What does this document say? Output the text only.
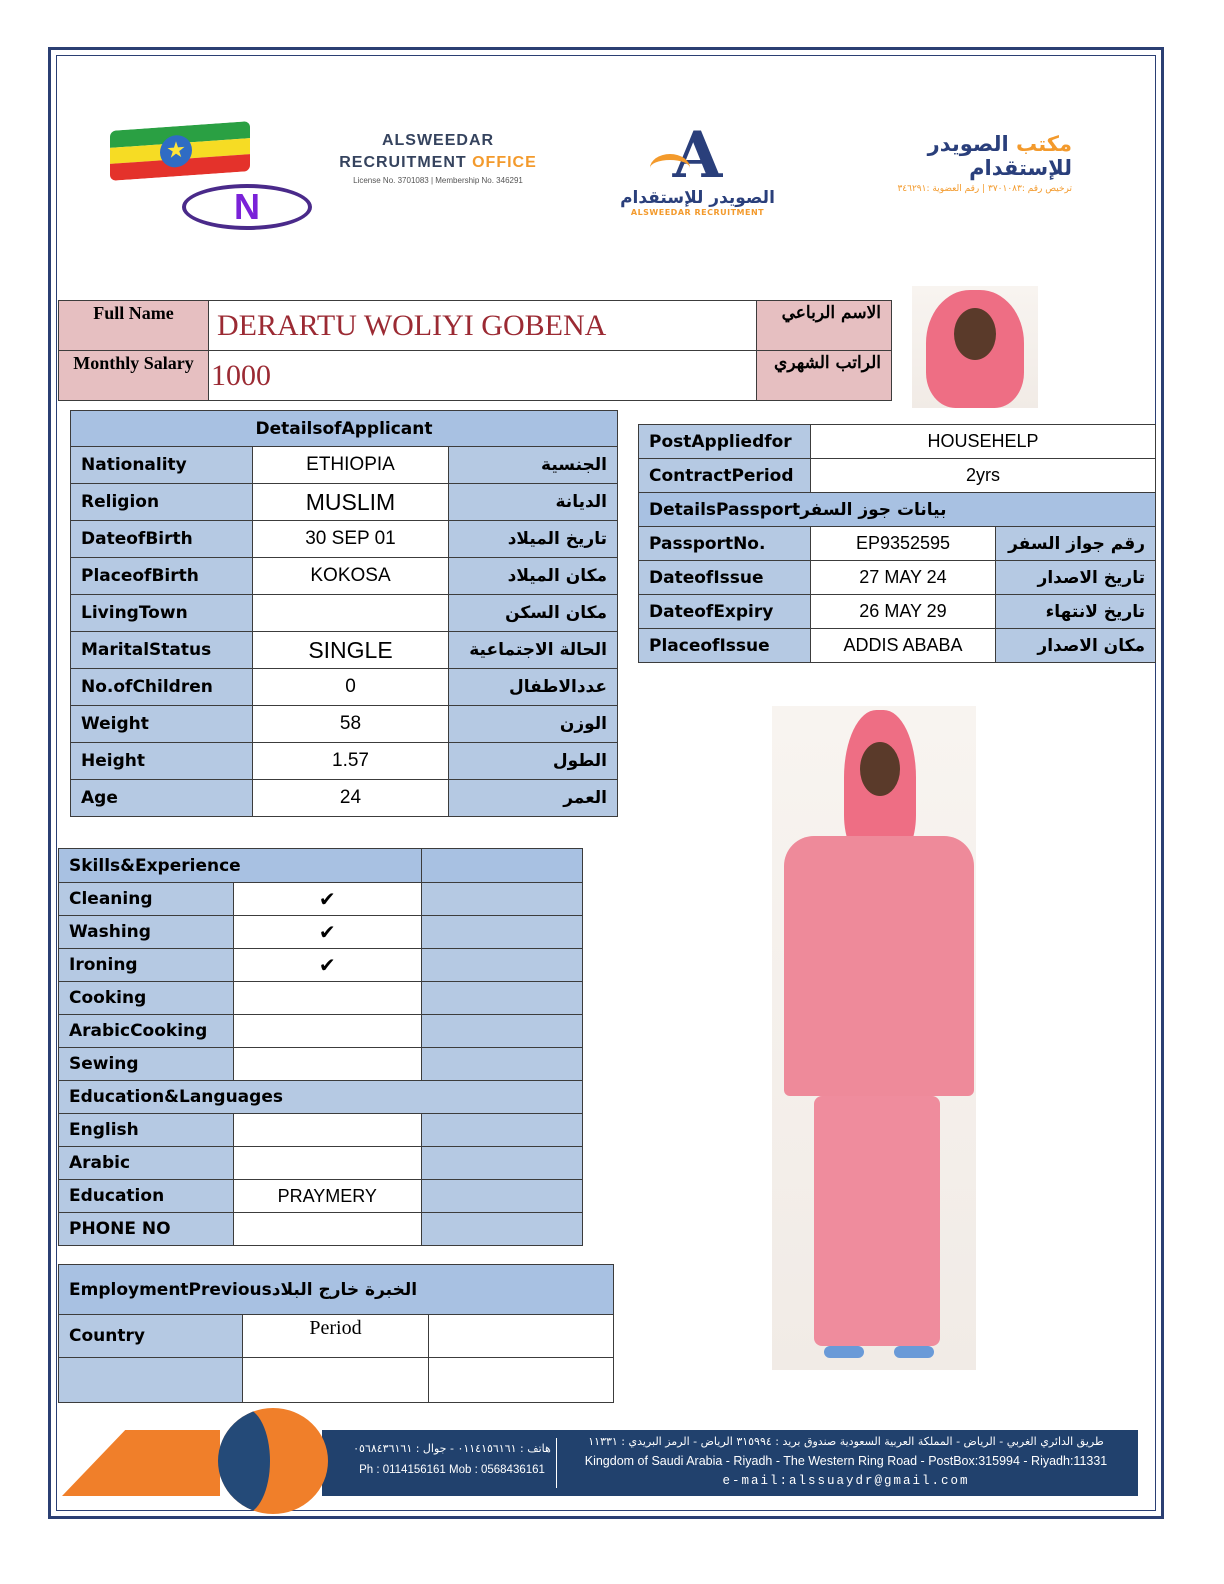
★
N
ALSWEEDAR
RECRUITMENT OFFICE
License No. 3701083 | Membership No. 346291	A
الصويدر للإستقدام
ALSWEEDAR RECRUITMENT
مكتب الصويدر للإستقدام
ترخيص رقم :٣٧٠١٠٨٣ | رقم العضوية :٣٤٦٢٩١
Full Name	DERARTU WOLIYI GOBENA	الاسم الرباعي
Monthly Salary	1000	الراتب الشهري
DetailsofApplicant		
Nationality	ETHIOPIA	الجنسية
Religion	MUSLIM	الديانة
DateofBirth	30 SEP 01	تاريخ الميلاد
PlaceofBirth	KOKOSA	مكان الميلاد
LivingTown		مكان السكن
MaritalStatus	SINGLE	الحالة الاجتماعية
No.ofChildren	0	عددالاطفال
Weight	58	الوزن
Height	1.57	الطول
Age	24	العمر
PostAppliedfor	HOUSEHELP	
ContractPeriod	2yrs	
DetailsPassportبيانات جوز السفر		
PassportNo.	EP9352595	رقم جواز السفر
DateofIssue	27 MAY 24	تاريخ الاصدار
DateofExpiry	26 MAY 29	تاريخ لانتهاء
PlaceofIssue	ADDIS ABABA	مكان الاصدار
Skills&Experience		
Cleaning	✔	
Washing	✔	
Ironing	✔	
Cooking		
ArabicCooking		
Sewing		
Education&Languages		
English		
Arabic		
Education	PRAYMERY	
PHONE NO		
EmploymentPreviousالخبرة خارج البلاد		
Country	Period	

هاتف : ٠١١٤١٥٦١٦١ - جوال : ٠٥٦٨٤٣٦١٦١
Ph : 0114156161 Mob : 0568436161
طريق الدائري الغربي - الرياض - المملكة العربية السعودية صندوق بريد : ٣١٥٩٩٤ الرياض - الرمز البريدي : ١١٣٣١
Kingdom of Saudi Arabia - Riyadh - The Western Ring Road - PostBox:315994 - Riyadh:11331
e-mail:alssuaydr@gmail.com
